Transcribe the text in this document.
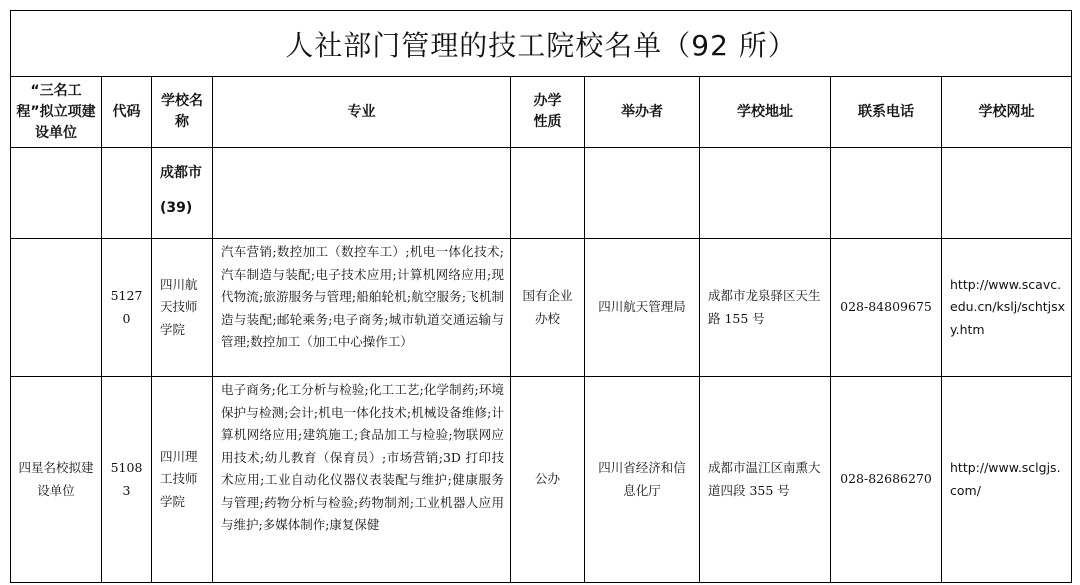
人社部门管理的技工院校名单（92 所）								
“三名工程”拟立项建设单位	代码	学校名称	专业	办学性质	举办者	学校地址	联系电话	学校网址

		成都市
(39)						

	51270	四川航天技师学院	汽车营销;数控加工（数控车工）;机电一体化技术;汽车制造与装配;电子技术应用;计算机网络应用;现代物流;旅游服务与管理;船舶轮机;航空服务;飞机制造与装配;邮轮乘务;电子商务;城市轨道交通运输与管理;数控加工（加工中心操作工）	国有企业办校	四川航天管理局	成都市龙泉驿区天生路 155 号	028-84809675	http://www.scavc.edu.cn/kslj/schtjsxy.htm
四星名校拟建设单位	51083	四川理工技师学院	电子商务;化工分析与检验;化工工艺;化学制药;环境保护与检测;会计;机电一体化技术;机械设备维修;计算机网络应用;建筑施工;食品加工与检验;物联网应用技术;幼儿教育（保育员）;市场营销;3D 打印技术应用;工业自动化仪器仪表装配与维护;健康服务与管理;药物分析与检验;药物制剂;工业机器人应用与维护;多媒体制作;康复保健	公办	四川省经济和信息化厅	成都市温江区南熏大道四段 355 号	028-82686270	http://www.sclgjs.com/
